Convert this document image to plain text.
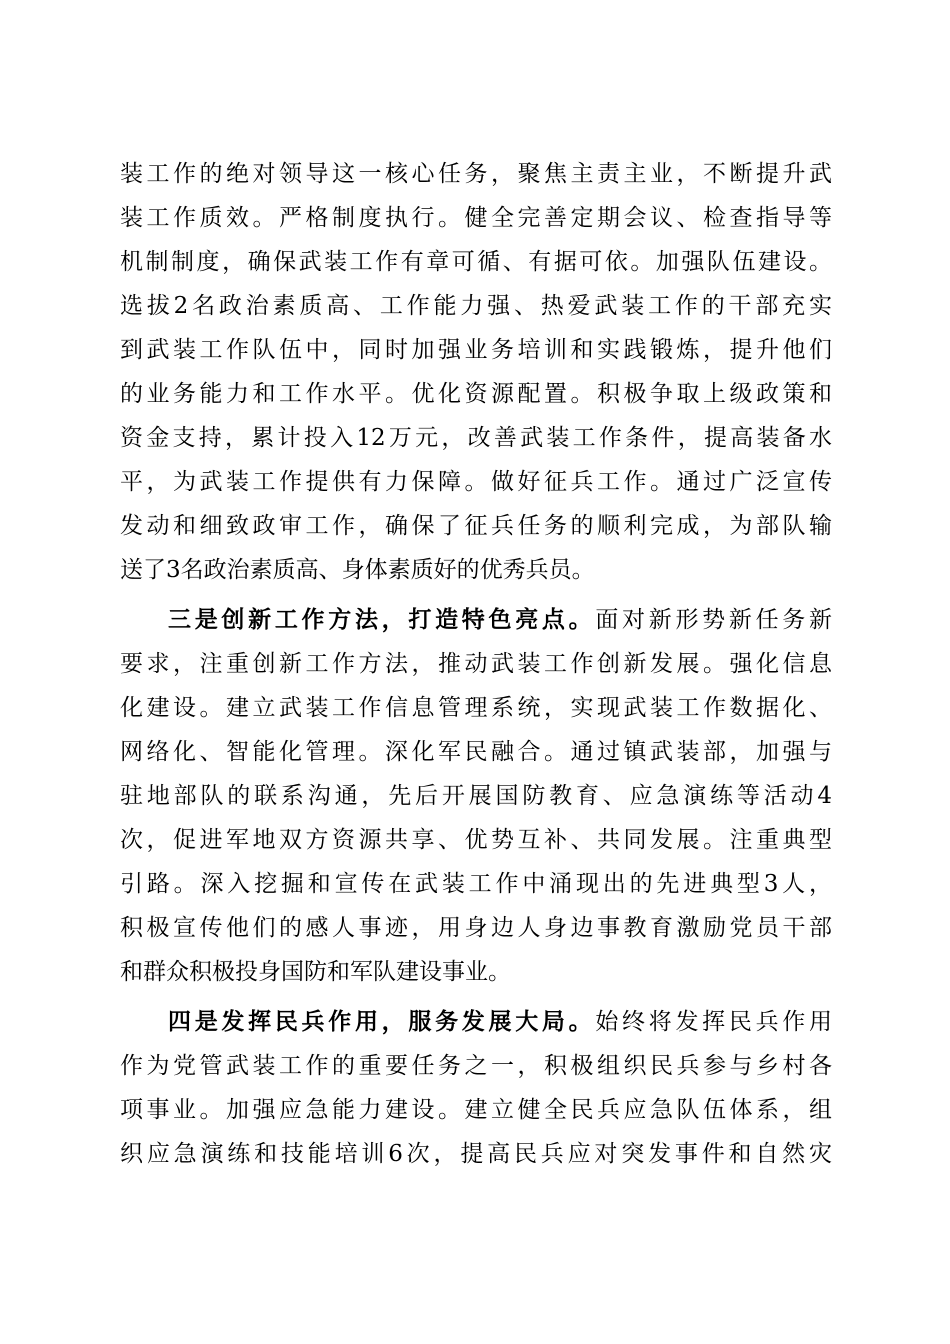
装工作的绝对领导这一核心任务，聚焦主责主业，不断提升武
装工作质效。严格制度执行。健全完善定期会议、检查指导等
机制制度，确保武装工作有章可循、有据可依。加强队伍建设。
选拔2名政治素质高、工作能力强、热爱武装工作的干部充实
到武装工作队伍中，同时加强业务培训和实践锻炼，提升他们
的业务能力和工作水平。优化资源配置。积极争取上级政策和
资金支持，累计投入12万元，改善武装工作条件，提高装备水
平，为武装工作提供有力保障。做好征兵工作。通过广泛宣传
发动和细致政审工作，确保了征兵任务的顺利完成，为部队输
送了3名政治素质高、身体素质好的优秀兵员。
三是创新工作方法，打造特色亮点。面对新形势新任务新
要求，注重创新工作方法，推动武装工作创新发展。强化信息
化建设。建立武装工作信息管理系统，实现武装工作数据化、
网络化、智能化管理。深化军民融合。通过镇武装部，加强与
驻地部队的联系沟通，先后开展国防教育、应急演练等活动4
次，促进军地双方资源共享、优势互补、共同发展。注重典型
引路。深入挖掘和宣传在武装工作中涌现出的先进典型3人，
积极宣传他们的感人事迹，用身边人身边事教育激励党员干部
和群众积极投身国防和军队建设事业。
四是发挥民兵作用，服务发展大局。始终将发挥民兵作用
作为党管武装工作的重要任务之一，积极组织民兵参与乡村各
项事业。加强应急能力建设。建立健全民兵应急队伍体系，组
织应急演练和技能培训6次，提高民兵应对突发事件和自然灾
